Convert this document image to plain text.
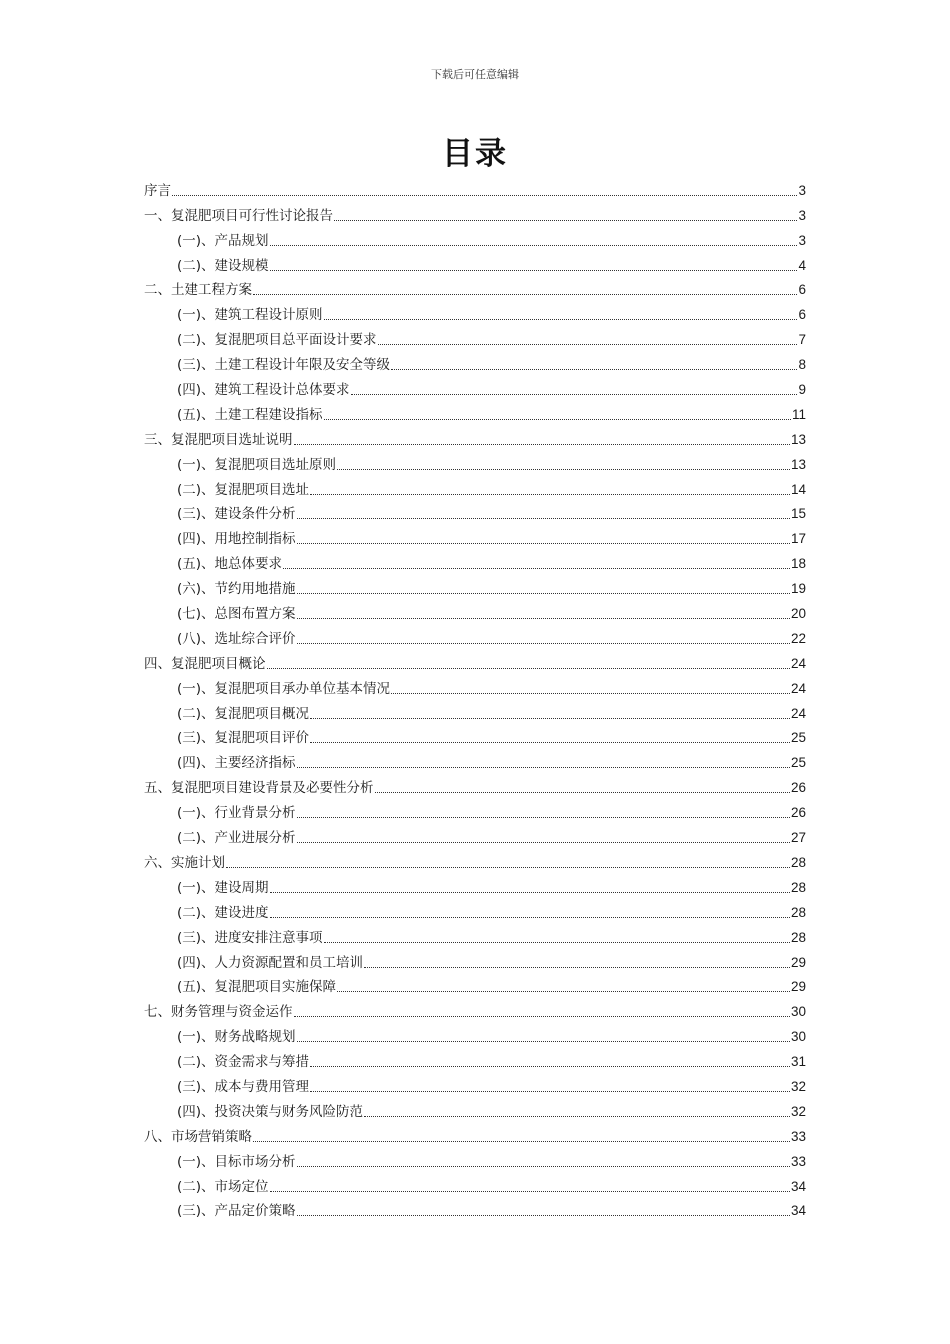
下载后可任意编辑
目录
序言	3
一、复混肥项目可行性讨论报告	3
(一)、产品规划	3
(二)、建设规模	4
二、土建工程方案	6
(一)、建筑工程设计原则	6
(二)、复混肥项目总平面设计要求	7
(三)、土建工程设计年限及安全等级	8
(四)、建筑工程设计总体要求	9
(五)、土建工程建设指标	11
三、复混肥项目选址说明	13
(一)、复混肥项目选址原则	13
(二)、复混肥项目选址	14
(三)、建设条件分析	15
(四)、用地控制指标	17
(五)、地总体要求	18
(六)、节约用地措施	19
(七)、总图布置方案	20
(八)、选址综合评价	22
四、复混肥项目概论	24
(一)、复混肥项目承办单位基本情况	24
(二)、复混肥项目概况	24
(三)、复混肥项目评价	25
(四)、主要经济指标	25
五、复混肥项目建设背景及必要性分析	26
(一)、行业背景分析	26
(二)、产业进展分析	27
六、实施计划	28
(一)、建设周期	28
(二)、建设进度	28
(三)、进度安排注意事项	28
(四)、人力资源配置和员工培训	29
(五)、复混肥项目实施保障	29
七、财务管理与资金运作	30
(一)、财务战略规划	30
(二)、资金需求与筹措	31
(三)、成本与费用管理	32
(四)、投资决策与财务风险防范	32
八、市场营销策略	33
(一)、目标市场分析	33
(二)、市场定位	34
(三)、产品定价策略	34
